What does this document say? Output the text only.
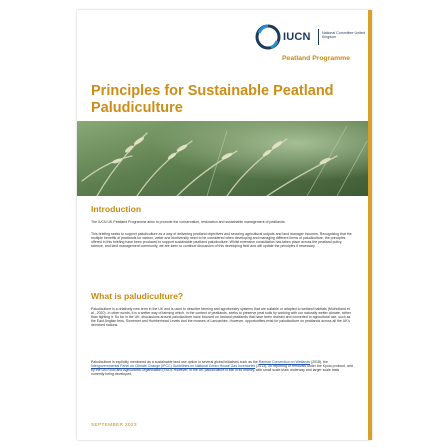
IUCN	National Committee United Kingdom
Peatland Programme
Principles for Sustainable Peatland Paludiculture
Introduction

The IUCN UK Peatland Programme aims to promote the conservation, restoration and sustainable management of peatlands.

This briefing seeks to support paludiculture as a way of delivering peatland objectives and securing agricultural outputs and land manager incomes. Recognising that the multiple benefits of peatlands for carbon, water and biodiversity need to be considered when developing and managing different forms of paludiculture, the principles offered in this briefing have been produced to support sustainable peatland paludiculture. Whilst extensive consultation has taken place across the peatland policy, science, and land management community, we are keen to continue discussion of this developing field and will update the principles if necessary.

What is paludiculture?

Paludiculture is a relatively new term in the UK and is used to describe farming and agroforestry systems that are suitable or adapted to wetland habitats (Mulholland et al., 2020). In other words, it is a wetter way of farming which, in the context of peatlands, seeks to preserve peat soils by working with our naturally wetter climate, rather than fighting it. So far in the UK, discussions around paludiculture have focused on lowland peatlands that have been drained and converted to agricultural use, such as the East Anglian fens, Somerset and Humberhead Levels and the mosses of Lancashire. However, opportunities exist for paludiculture on peatlands across all the UK's devolved nations.

Paludiculture is explicitly mentioned as a sustainable land use option in several global initiatives such as the Ramsar Convention on Wetlands (2018), the Intergovernmental Panel on Climate Change (IPCC) Guidelines on National Green House Gas Inventories (2013), on reporting of removals under the Kyoto protocol, and by the UN Food and Agricultural Organisation (FAO). However, in the UK paludiculture is still in its infancy, with small scale trials underway and larger scale trials currently being developed.

SEPTEMBER 2023
